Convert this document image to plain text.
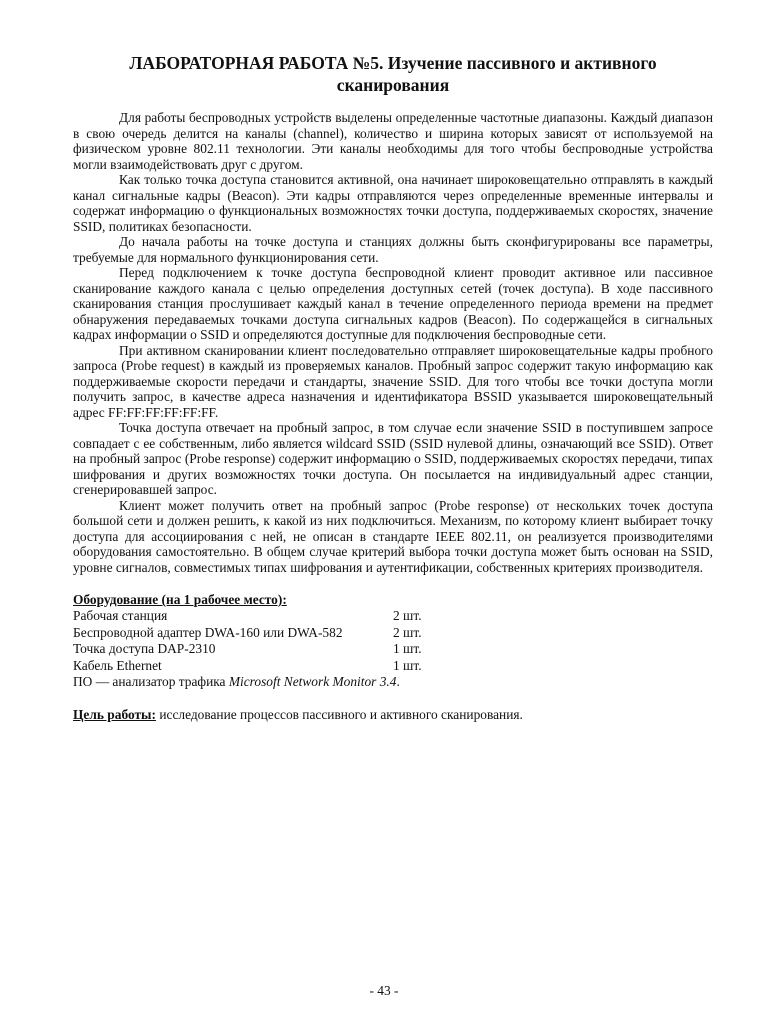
ЛАБОРАТОРНАЯ РАБОТА №5. Изучение пассивного и активного сканирования

Для работы беспроводных устройств выделены определенные частотные диапазоны. Каждый диапазон в свою очередь делится на каналы (channel), количество и ширина которых зависят от используемой на физическом уровне 802.11 технологии. Эти каналы необходимы для того чтобы беспроводные устройства могли взаимодействовать друг с другом.

Как только точка доступа становится активной, она начинает широковещательно отправлять в каждый канал сигнальные кадры (Beacon). Эти кадры отправляются через определенные временные интервалы и содержат информацию о функциональных возможностях точки доступа, поддерживаемых скоростях, значение SSID, политиках безопасности.

До начала работы на точке доступа и станциях должны быть сконфигурированы все параметры, требуемые для нормального функционирования сети.

Перед подключением к точке доступа беспроводной клиент проводит активное или пассивное сканирование каждого канала с целью определения доступных сетей (точек доступа). В ходе пассивного сканирования станция прослушивает каждый канал в течение определенного периода времени на предмет обнаружения передаваемых точками доступа сигнальных кадров (Beacon). По содержащейся в сигнальных кадрах информации о SSID и определяются доступные для подключения беспроводные сети.

При активном сканировании клиент последовательно отправляет широковещательные кадры пробного запроса (Probe request) в каждый из проверяемых каналов. Пробный запрос содержит такую информацию как поддерживаемые скорости передачи и стандарты, значение SSID. Для того чтобы все точки доступа могли получить запрос, в качестве адреса назначения и идентификатора BSSID указывается широковещательный адрес FF:FF:FF:FF:FF:FF.

Точка доступа отвечает на пробный запрос, в том случае если значение SSID в поступившем запросе совпадает с ее собственным, либо является wildcard SSID (SSID нулевой длины, означающий все SSID). Ответ на пробный запрос (Probe response) содержит информацию о SSID, поддерживаемых скоростях передачи, типах шифрования и других возможностях точки доступа. Он посылается на индивидуальный адрес станции, сгенерировавшей запрос.

Клиент может получить ответ на пробный запрос (Probe response) от нескольких точек доступа большой сети и должен решить, к какой из них подключиться. Механизм, по которому клиент выбирает точку доступа для ассоциирования с ней, не описан в стандарте IEEE 802.11, он реализуется производителями оборудования самостоятельно. В общем случае критерий выбора точки доступа может быть основан на SSID, уровне сигналов, совместимых типах шифрования и аутентификации, собственных критериях производителя.

Оборудование (на 1 рабочее место):
Рабочая станция	2 шт.
Беспроводной адаптер DWA-160 или DWA-582	2 шт.
Точка доступа DAP-2310	1 шт.
Кабель Ethernet	1 шт.
ПО — анализатор трафика Microsoft Network Monitor 3.4.
Цель работы: исследование процессов пассивного и активного сканирования.
- 43 -
